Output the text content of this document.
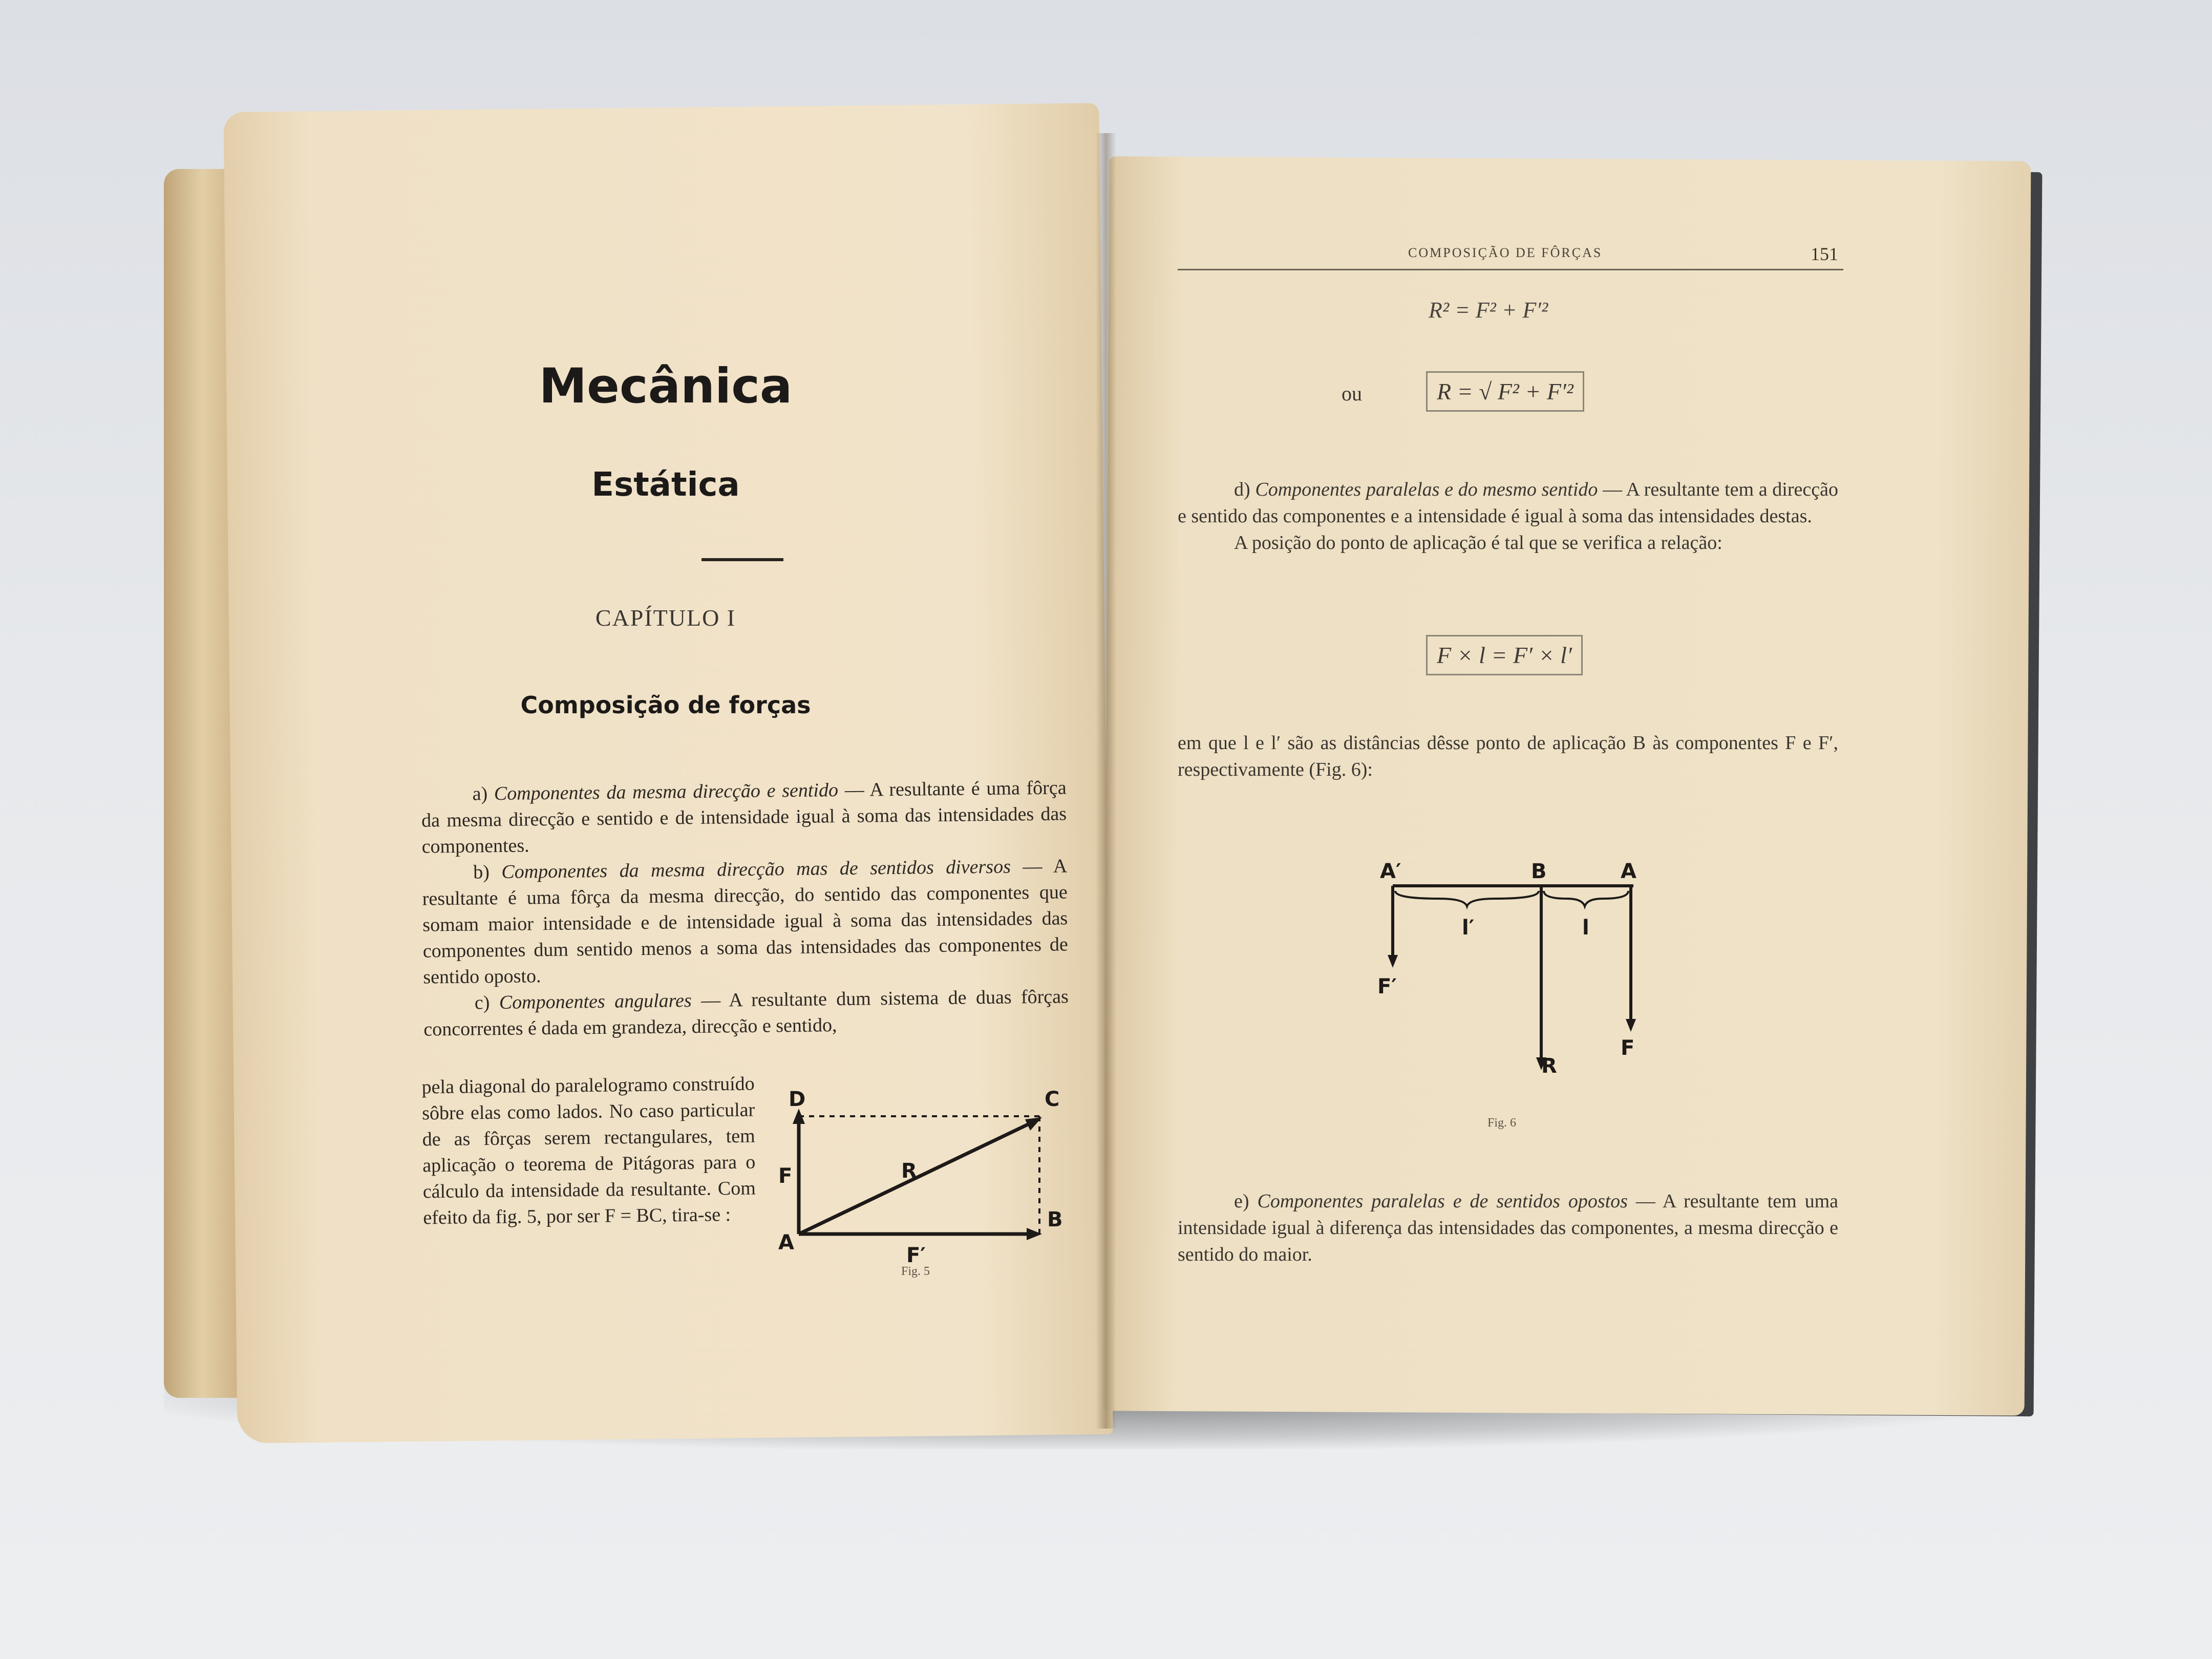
Mecânica
Estática
CAPÍTULO I
Composição de forças

a) Componentes da mesma direcção e sentido — A resultante é uma fôrça da mesma direcção e sentido e de intensidade igual à soma das intensidades das componentes.

b) Componentes da mesma direcção mas de sentidos diversos — A resultante é uma fôrça da mesma direcção, do sentido das componentes que somam maior intensidade e de intensidade igual à soma das intensidades das componentes dum sentido menos a soma das intensidades das componentes de sentido oposto.

c) Componentes angulares — A resultante dum sistema de duas fôrças concorrentes é dada em grandeza, direcção e sentido,

pela diagonal do paralelogramo construído sôbre elas como lados. No caso particular de as fôrças serem rectangulares, tem aplicação o teorema de Pitágoras para o cálculo da intensidade da resultante. Com efeito da fig. 5, por ser F = BC, tira-se :
D	C
B
A
F	R
F′
Fig. 5
COMPOSIÇÃO DE FÔRÇAS	151
R² = F² + F′²
ou	R = √ F² + F′²

d) Componentes paralelas e do mesmo sentido — A resultante tem a direcção e sentido das componentes e a intensidade é igual à soma das intensidades destas.

A posição do ponto de aplicação é tal que se verifica a relação:

F × l = F′ × l′
em que l e l′ são as distâncias dêsse ponto de aplicação B às componentes F e F′, respectivamente (Fig. 6):
A′	B	A
l′	l
F′
R
F
Fig. 6

e) Componentes paralelas e de sentidos opostos — A resultante tem uma intensidade igual à diferença das intensidades das componentes, a mesma direcção e sentido do maior.
